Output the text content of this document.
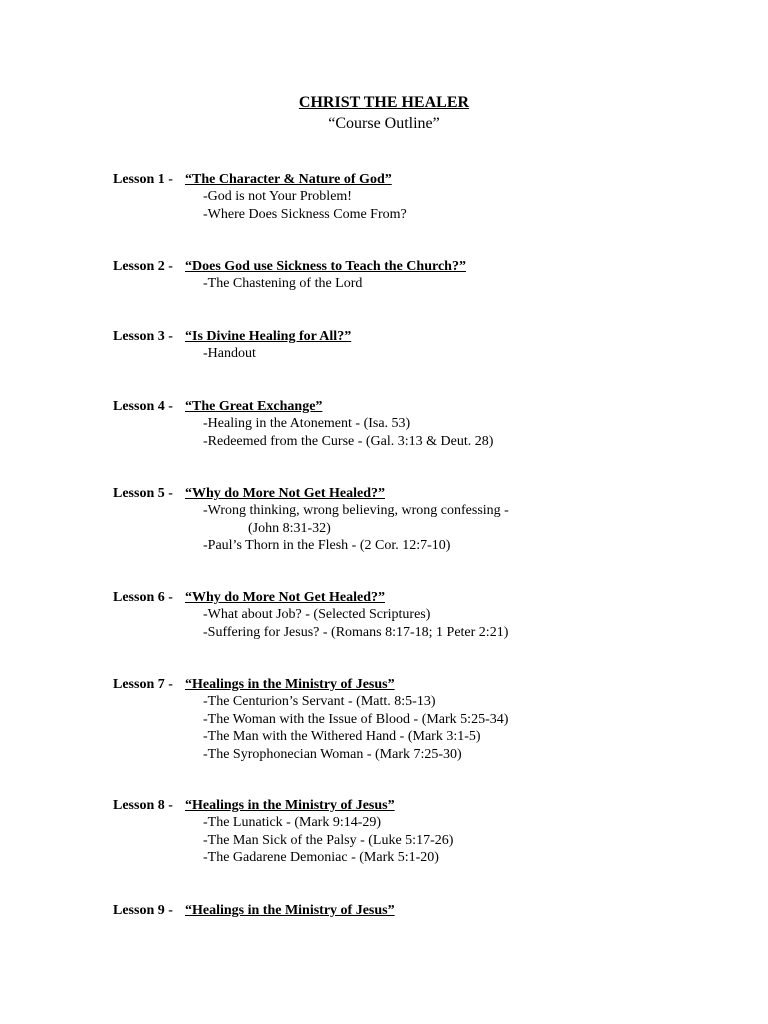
CHRIST THE HEALER
“Course Outline”
Lesson 1 - “The Character & Nature of God”
-God is not Your Problem!
-Where Does Sickness Come From?
Lesson 2 - “Does God use Sickness to Teach the Church?”
-The Chastening of the Lord
Lesson 3 - “Is Divine Healing for All?”
-Handout
Lesson 4 - “The Great Exchange”
-Healing in the Atonement - (Isa. 53)
-Redeemed from the Curse - (Gal. 3:13 & Deut. 28)
Lesson 5 - “Why do More Not Get Healed?”
-Wrong thinking, wrong believing, wrong confessing -
(John 8:31-32)
-Paul’s Thorn in the Flesh - (2 Cor. 12:7-10)
Lesson 6 - “Why do More Not Get Healed?”
-What about Job? - (Selected Scriptures)
-Suffering for Jesus? - (Romans 8:17-18; 1 Peter 2:21)
Lesson 7 - “Healings in the Ministry of Jesus”
-The Centurion’s Servant - (Matt. 8:5-13)
-The Woman with the Issue of Blood - (Mark 5:25-34)
-The Man with the Withered Hand - (Mark 3:1-5)
-The Syrophonecian Woman - (Mark 7:25-30)
Lesson 8 - “Healings in the Ministry of Jesus”
-The Lunatick - (Mark 9:14-29)
-The Man Sick of the Palsy - (Luke 5:17-26)
-The Gadarene Demoniac - (Mark 5:1-20)
Lesson 9 - “Healings in the Ministry of Jesus”
